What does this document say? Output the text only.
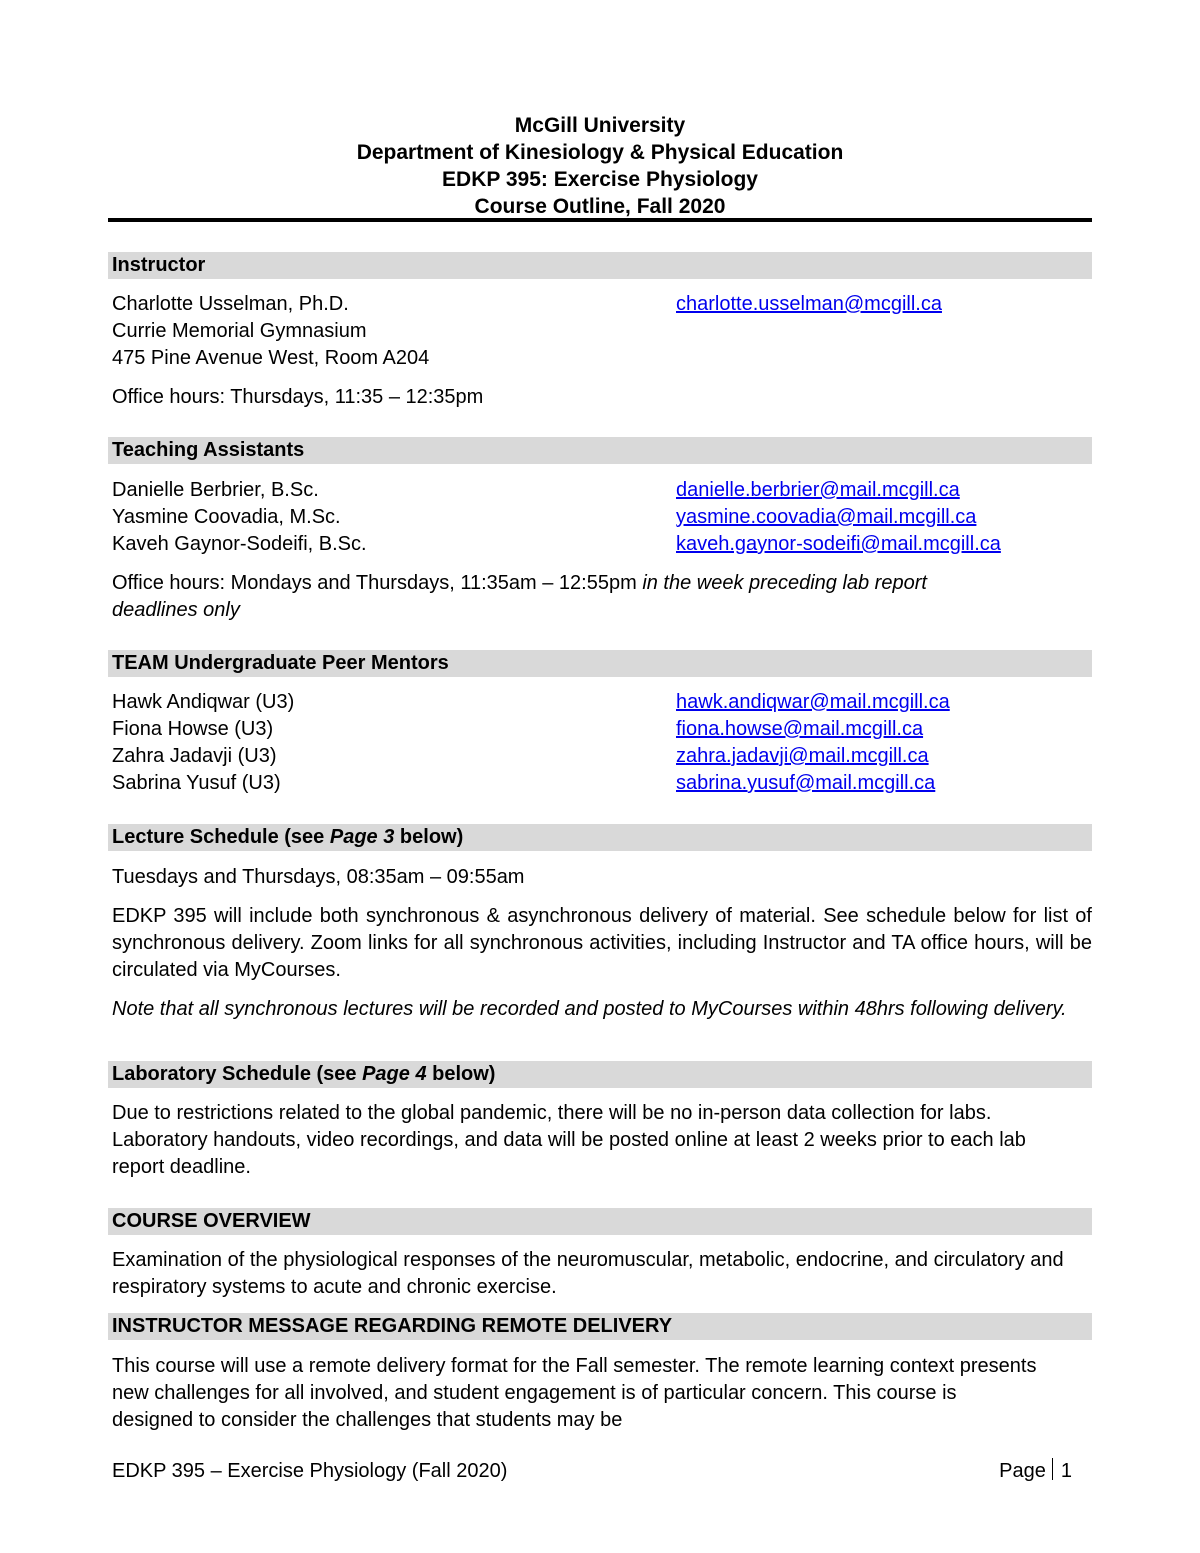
McGill University
Department of Kinesiology & Physical Education
EDKP 395: Exercise Physiology
Course Outline, Fall 2020
Instructor
Charlotte Usselman, Ph.D.	charlotte.usselman@mcgill.ca
Currie Memorial Gymnasium
475 Pine Avenue West, Room A204
Office hours: Thursdays, 11:35 – 12:35pm
Teaching Assistants
Danielle Berbrier, B.Sc.	danielle.berbrier@mail.mcgill.ca
Yasmine Coovadia, M.Sc.	yasmine.coovadia@mail.mcgill.ca
Kaveh Gaynor-Sodeifi, B.Sc.	kaveh.gaynor-sodeifi@mail.mcgill.ca
Office hours: Mondays and Thursdays, 11:35am – 12:55pm in the week preceding lab report
deadlines only
TEAM Undergraduate Peer Mentors
Hawk Andiqwar (U3)	hawk.andiqwar@mail.mcgill.ca
Fiona Howse (U3)	fiona.howse@mail.mcgill.ca
Zahra Jadavji (U3)	zahra.jadavji@mail.mcgill.ca
Sabrina Yusuf (U3)	sabrina.yusuf@mail.mcgill.ca
Lecture Schedule (see Page 3 below)
Tuesdays and Thursdays, 08:35am – 09:55am
EDKP 395 will include both synchronous & asynchronous delivery of material. See schedule below for list of synchronous delivery. Zoom links for all synchronous activities, including Instructor and TA office hours, will be circulated via MyCourses.
Note that all synchronous lectures will be recorded and posted to MyCourses within 48hrs following delivery.
Laboratory Schedule (see Page 4 below)
Due to restrictions related to the global pandemic, there will be no in-person data collection for labs. Laboratory handouts, video recordings, and data will be posted online at least 2 weeks prior to each lab report deadline.
COURSE OVERVIEW
Examination of the physiological responses of the neuromuscular, metabolic, endocrine, and circulatory and respiratory systems to acute and chronic exercise.
INSTRUCTOR MESSAGE REGARDING REMOTE DELIVERY
This course will use a remote delivery format for the Fall semester. The remote learning context presents new challenges for all involved, and student engagement is of particular concern. This course is designed to consider the challenges that students may be
EDKP 395 – Exercise Physiology (Fall 2020)	Page 1
